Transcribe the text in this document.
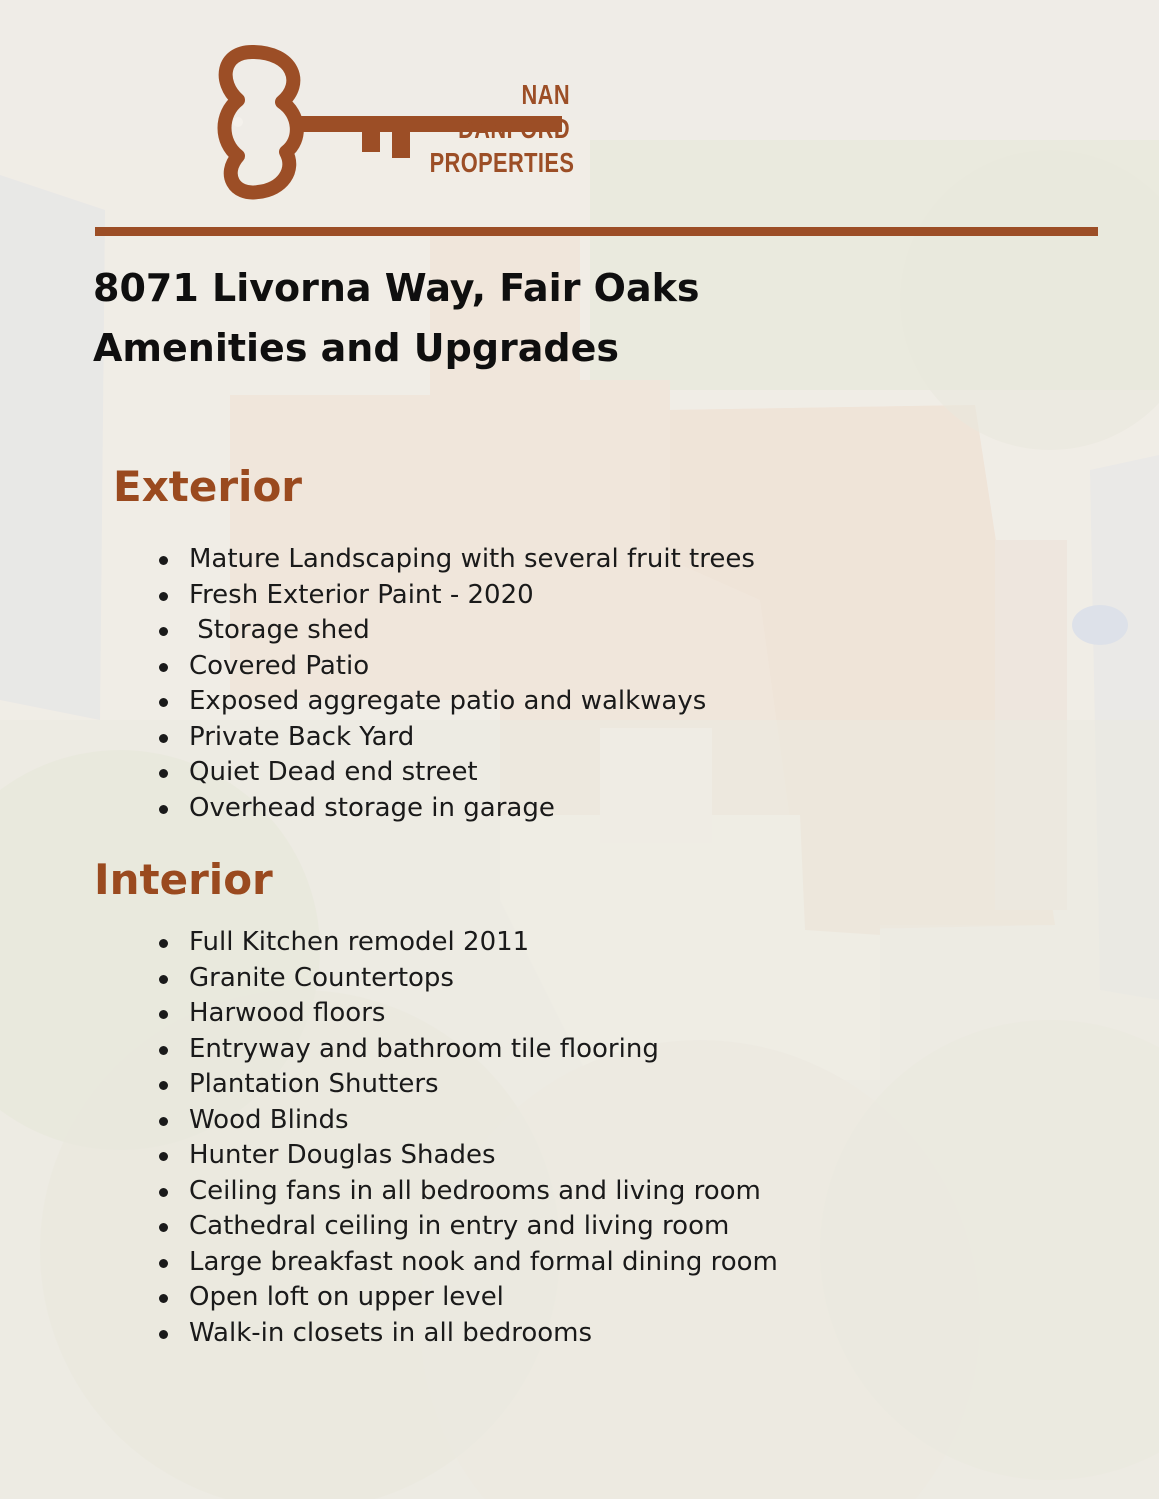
NAN DANFORD
PROPERTIES
8071 Livorna Way, Fair Oaks
Amenities and Upgrades
Exterior
Mature Landscaping with several fruit trees
Fresh Exterior Paint - 2020
Storage shed
Covered Patio
Exposed aggregate patio and walkways
Private Back Yard
Quiet Dead end street
Overhead storage in garage
Interior
Full Kitchen remodel 2011
Granite Countertops
Harwood floors
Entryway and bathroom tile flooring
Plantation Shutters
Wood Blinds
Hunter Douglas Shades
Ceiling fans in all bedrooms and living room
Cathedral ceiling in entry and living room
Large breakfast nook and formal dining room
Open loft on upper level
Walk-in closets in all bedrooms
